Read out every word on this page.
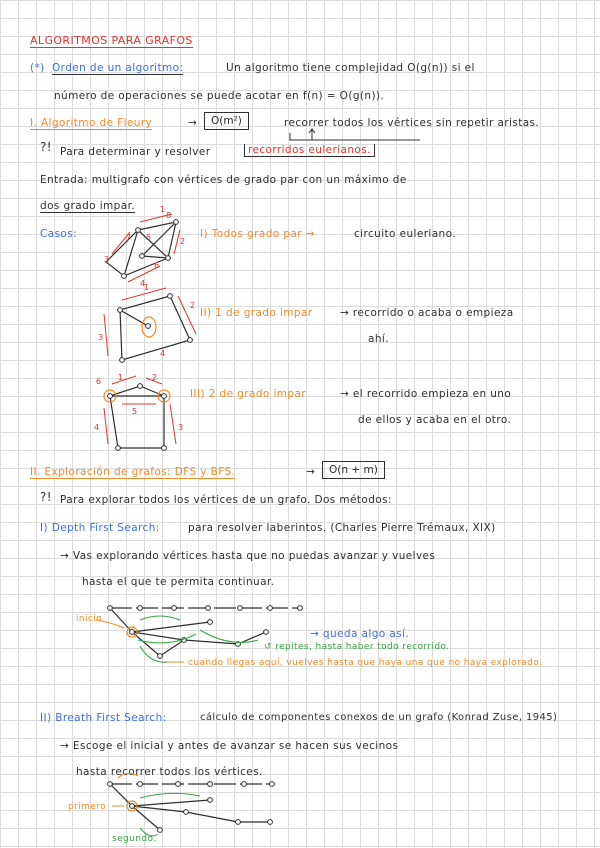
ALGORITMOS PARA GRAFOS
(*) Orden de un algoritmo:	Un algoritmo tiene complejidad O(g(n)) si el
número de operaciones se puede acotar en f(n) = O(g(n)).
I. Algoritmo de Fleury	→	O(m²)	recorrer todos los vértices sin repetir aristas.
?! Para determinar y resolver	recorridos eulerianos.
Entrada: multigrafo con vértices de grado par con un máximo de
dos grado impar.
Casos:	I) Todos grado par →	circuito euleriano.
II) 1 de grado impar	→ recorrido o acaba o empieza
ahí.
III) 2 de grado impar	→ el recorrido empieza en uno
de ellos y acaba en el otro.
II. Exploración de grafos: DFS y BFS.	→	O(n + m)
?! Para explorar todos los vértices de un grafo. Dos métodos:
I) Depth First Search:	para resolver laberintos. (Charles Pierre Trémaux, XIX)
→ Vas explorando vértices hasta que no puedas avanzar y vuelves
hasta el que te permita continuar.
inicio
→ queda algo así.
↺ repites, hasta haber todo recorrido.
cuando llegas aquí, vuelves hasta que haya una que no haya explorado.
II) Breath First Search:	cálculo de componentes conexos de un grafo (Konrad Zuse, 1945)
→ Escoge el inicial y antes de avanzar se hacen sus vecinos
hasta recorrer todos los vértices.
primero
segundo.
1
2
3
4
5
6
7
8
1
2
3
4
1	2
3
4
5
6
